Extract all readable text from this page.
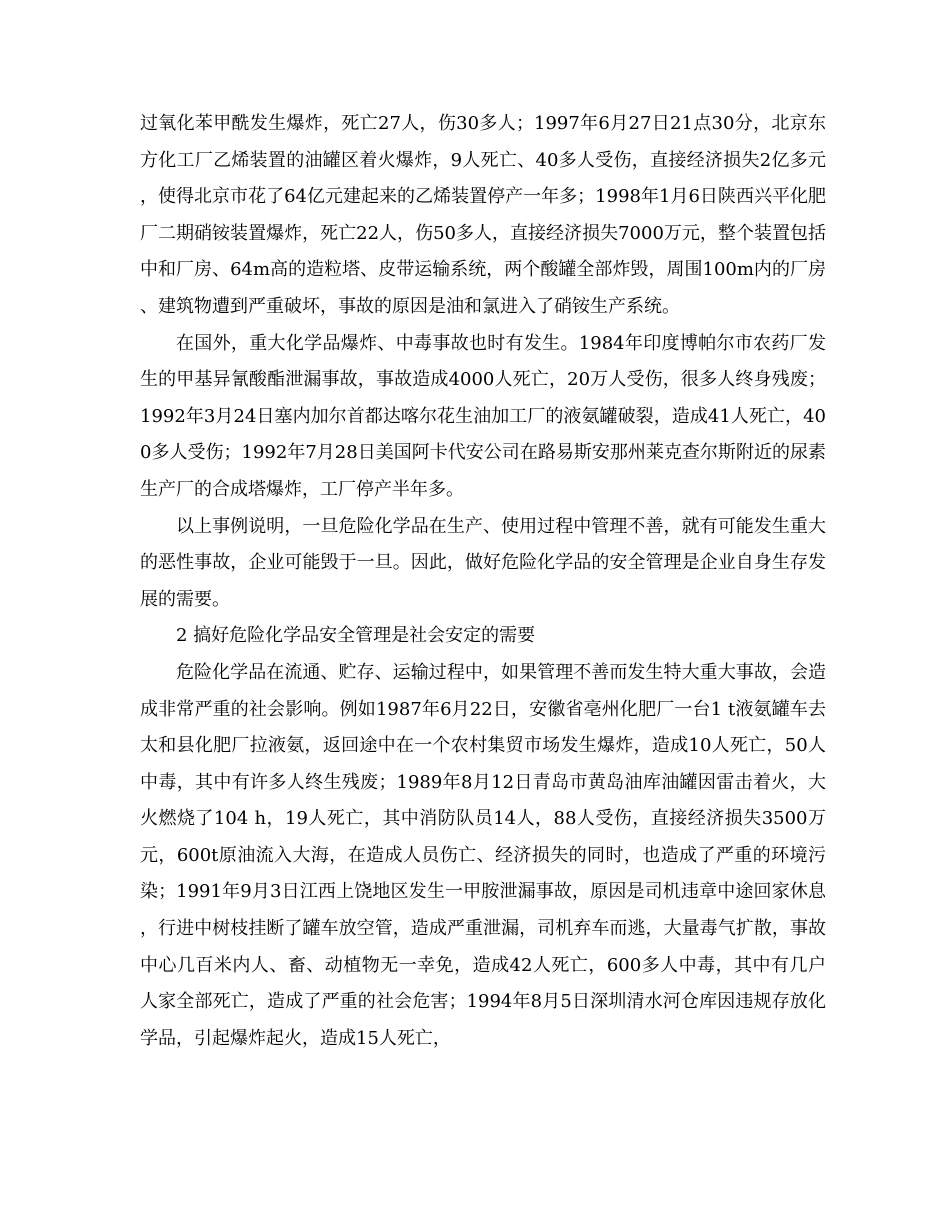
过氧化苯甲酰发生爆炸，死亡27人，伤30多人；1997年6月27日21点30分，北京东方化工厂乙烯装置的油罐区着火爆炸，9人死亡、40多人受伤，直接经济损失2亿多元，使得北京市花了64亿元建起来的乙烯装置停产一年多；1998年1月6日陕西兴平化肥厂二期硝铵装置爆炸，死亡22人，伤50多人，直接经济损失7000万元，整个装置包括中和厂房、64m高的造粒塔、皮带运输系统，两个酸罐全部炸毁，周围100m内的厂房、建筑物遭到严重破坏，事故的原因是油和氯进入了硝铵生产系统。

在国外，重大化学品爆炸、中毒事故也时有发生。1984年印度博帕尔市农药厂发生的甲基异氰酸酯泄漏事故，事故造成4000人死亡，20万人受伤，很多人终身残废；1992年3月24日塞内加尔首都达喀尔花生油加工厂的液氨罐破裂，造成41人死亡，400多人受伤；1992年7月28日美国阿卡代安公司在路易斯安那州莱克查尔斯附近的尿素生产厂的合成塔爆炸，工厂停产半年多。

以上事例说明，一旦危险化学品在生产、使用过程中管理不善，就有可能发生重大的恶性事故，企业可能毁于一旦。因此，做好危险化学品的安全管理是企业自身生存发展的需要。

2 搞好危险化学品安全管理是社会安定的需要

危险化学品在流通、贮存、运输过程中，如果管理不善而发生特大重大事故，会造成非常严重的社会影响。例如1987年6月22日，安徽省亳州化肥厂一台1 t液氨罐车去太和县化肥厂拉液氨，返回途中在一个农村集贸市场发生爆炸，造成10人死亡，50人中毒，其中有许多人终生残废；1989年8月12日青岛市黄岛油库油罐因雷击着火，大火燃烧了104 h，19人死亡，其中消防队员14人，88人受伤，直接经济损失3500万元，600t原油流入大海，在造成人员伤亡、经济损失的同时，也造成了严重的环境污染；1991年9月3日江西上饶地区发生一甲胺泄漏事故，原因是司机违章中途回家休息，行进中树枝挂断了罐车放空管，造成严重泄漏，司机弃车而逃，大量毒气扩散，事故中心几百米内人、畜、动植物无一幸免，造成42人死亡，600多人中毒，其中有几户人家全部死亡，造成了严重的社会危害；1994年8月5日深圳清水河仓库因违规存放化学品，引起爆炸起火，造成15人死亡，
